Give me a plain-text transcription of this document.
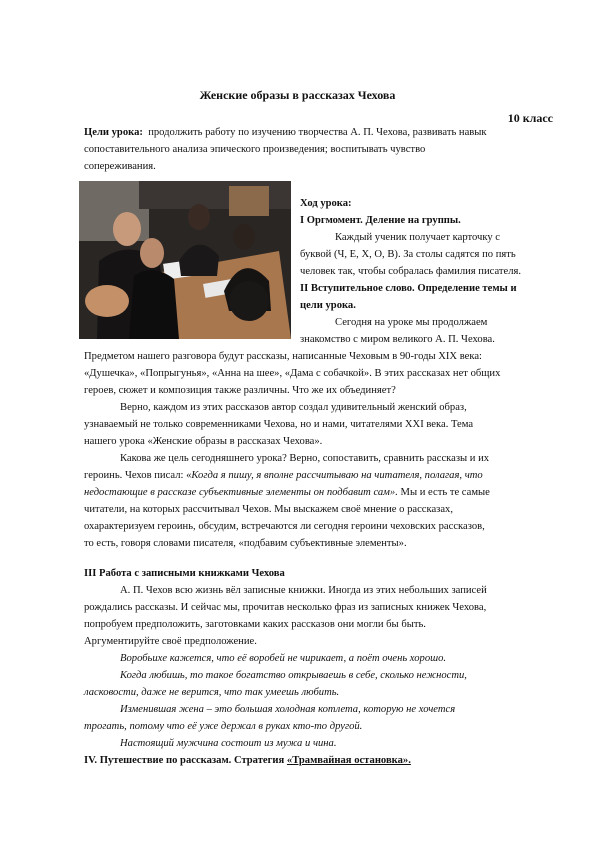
Женские образы в рассказах Чехова
10 класс
Цели урока: продолжить работу по изучению творчества А. П. Чехова, развивать навык
сопоставительного анализа эпического произведения; воспитывать чувство
сопереживания.
Ход урока:
I Оргмомент. Деление на группы.
Каждый ученик получает карточку с
буквой (Ч, Е, Х, О, В). За столы садятся по пять
человек так, чтобы собралась фамилия писателя.
II Вступительное слово. Определение темы и
цели урока.
Сегодня на уроке мы продолжаем
знакомство с миром великого А. П. Чехова.
Предметом нашего разговора будут рассказы, написанные Чеховым в 90-годы XIX века:
«Душечка», «Попрыгунья», «Анна на шее», «Дама с собачкой». В этих рассказах нет общих
героев, сюжет и композиция также различны. Что же их объединяет?
Верно, каждом из этих рассказов автор создал удивительный женский образ,
узнаваемый не только современниками Чехова, но и нами, читателями XXI века. Тема
нашего урока «Женские образы в рассказах Чехова».
Какова же цель сегодняшнего урока? Верно, сопоставить, сравнить рассказы и их
героинь. Чехов писал: «Когда я пишу, я вполне рассчитываю на читателя, полагая, что
недостающие в рассказе субъективные элементы он подбавит сам». Мы и есть те самые
читатели, на которых рассчитывал Чехов. Мы выскажем своё мнение о рассказах,
охарактеризуем героинь, обсудим, встречаются ли сегодня героини чеховских рассказов,
то есть, говоря словами писателя, «подбавим субъективные элементы».
III Работа с записными книжками Чехова
А. П. Чехов всю жизнь вёл записные книжки. Иногда из этих небольших записей
рождались рассказы. И сейчас мы, прочитав несколько фраз из записных книжек Чехова,
попробуем предположить, заготовками каких рассказов они могли бы быть.
Аргументируйте своё предположение.
Воробьихе кажется, что её воробей не чирикает, а поёт очень хорошо.
Когда любишь, то такое богатство открываешь в себе, сколько нежности,
ласковости, даже не верится, что так умеешь любить.
Изменившая жена – это большая холодная котлета, которую не хочется
трогать, потому что её уже держал в руках кто-то другой.
Настоящий мужчина состоит из мужа и чина.
IV. Путешествие по рассказам. Стратегия «Трамвайная остановка».
